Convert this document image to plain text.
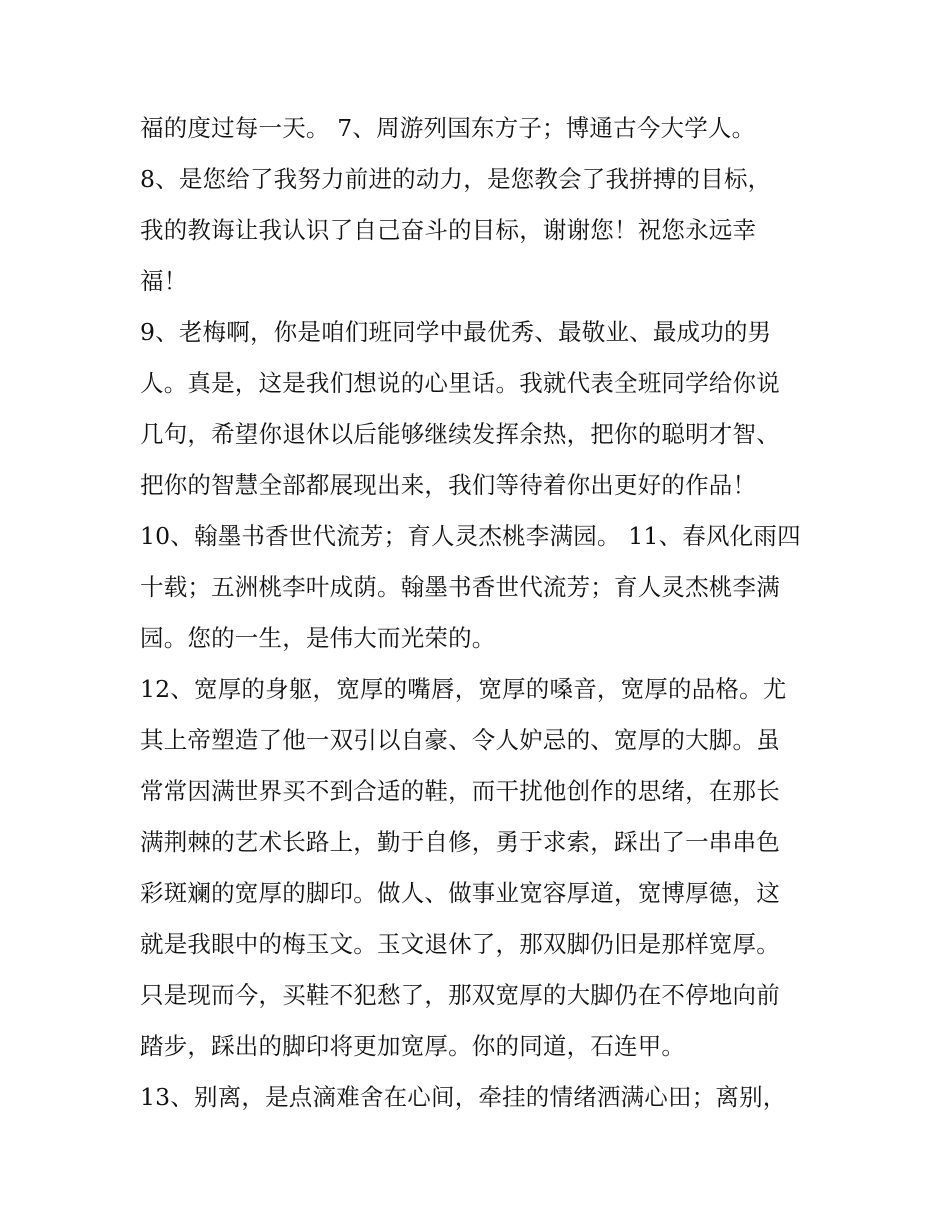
福的度过每一天。 7、周游列国东方子；博通古今大学人。
8、是您给了我努力前进的动力，是您教会了我拼搏的目标，
我的教诲让我认识了自己奋斗的目标，谢谢您！祝您永远幸
福！
9、老梅啊，你是咱们班同学中最优秀、最敬业、最成功的男
人。真是，这是我们想说的心里话。我就代表全班同学给你说
几句，希望你退休以后能够继续发挥余热，把你的聪明才智、
把你的智慧全部都展现出来，我们等待着你出更好的作品！
10、翰墨书香世代流芳；育人灵杰桃李满园。 11、春风化雨四
十载；五洲桃李叶成荫。翰墨书香世代流芳；育人灵杰桃李满
园。您的一生，是伟大而光荣的。
12、宽厚的身躯，宽厚的嘴唇，宽厚的嗓音，宽厚的品格。尤
其上帝塑造了他一双引以自豪、令人妒忌的、宽厚的大脚。虽
常常因满世界买不到合适的鞋，而干扰他创作的思绪，在那长
满荆棘的艺术长路上，勤于自修，勇于求索，踩出了一串串色
彩斑斓的宽厚的脚印。做人、做事业宽容厚道，宽博厚德，这
就是我眼中的梅玉文。玉文退休了，那双脚仍旧是那样宽厚。
只是现而今，买鞋不犯愁了，那双宽厚的大脚仍在不停地向前
踏步，踩出的脚印将更加宽厚。你的同道，石连甲。
13、别离，是点滴难舍在心间，牵挂的情绪洒满心田；离别，
